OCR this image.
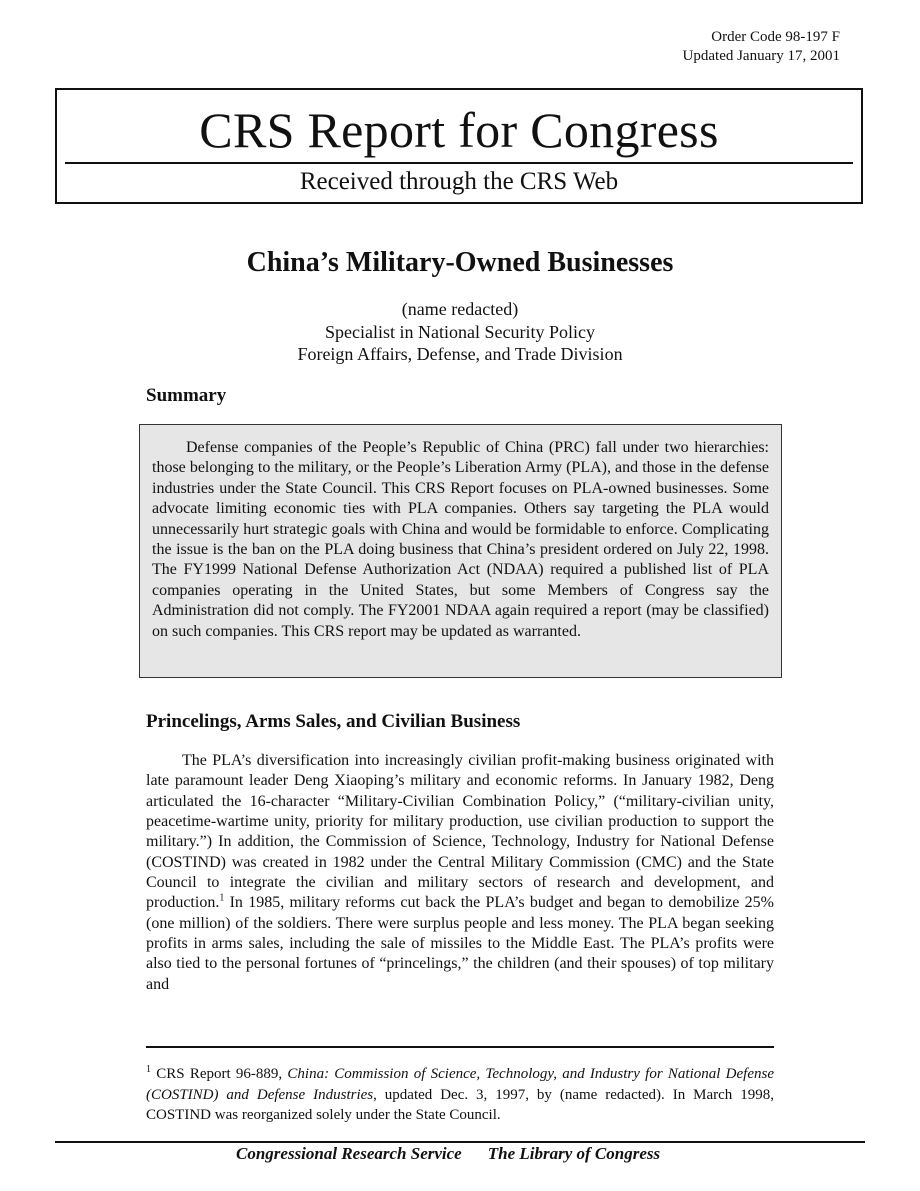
Order Code 98-197 F
Updated January 17, 2001
CRS Report for Congress
Received through the CRS Web
China’s Military-Owned Businesses
(name redacted)
Specialist in National Security Policy
Foreign Affairs, Defense, and Trade Division
Summary

Defense companies of the People’s Republic of China (PRC) fall under two hierarchies: those belonging to the military, or the People’s Liberation Army (PLA), and those in the defense industries under the State Council. This CRS Report focuses on PLA-owned businesses. Some advocate limiting economic ties with PLA companies. Others say targeting the PLA would unnecessarily hurt strategic goals with China and would be formidable to enforce. Complicating the issue is the ban on the PLA doing business that China’s president ordered on July 22, 1998. The FY1999 National Defense Authorization Act (NDAA) required a published list of PLA companies operating in the United States, but some Members of Congress say the Administration did not comply. The FY2001 NDAA again required a report (may be classified) on such companies. This CRS report may be updated as warranted.

Princelings, Arms Sales, and Civilian Business

The PLA’s diversification into increasingly civilian profit-making business originated with late paramount leader Deng Xiaoping’s military and economic reforms. In January 1982, Deng articulated the 16-character “Military-Civilian Combination Policy,” (“military-civilian unity, peacetime-wartime unity, priority for military production, use civilian production to support the military.”) In addition, the Commission of Science, Technology, Industry for National Defense (COSTIND) was created in 1982 under the Central Military Commission (CMC) and the State Council to integrate the civilian and military sectors of research and development, and production.$^1$ In 1985, military reforms cut back the PLA’s budget and began to demobilize 25% (one million) of the soldiers. There were surplus people and less money. The PLA began seeking profits in arms sales, including the sale of missiles to the Middle East. The PLA’s profits were also tied to the personal fortunes of “princelings,” the children (and their spouses) of top military and

$^1$ CRS Report 96-889, China: Commission of Science, Technology, and Industry for National Defense (COSTIND) and Defense Industries, updated Dec. 3, 1997, by (name redacted). In March 1998, COSTIND was reorganized solely under the State Council.

Congressional Research Service The Library of Congress
